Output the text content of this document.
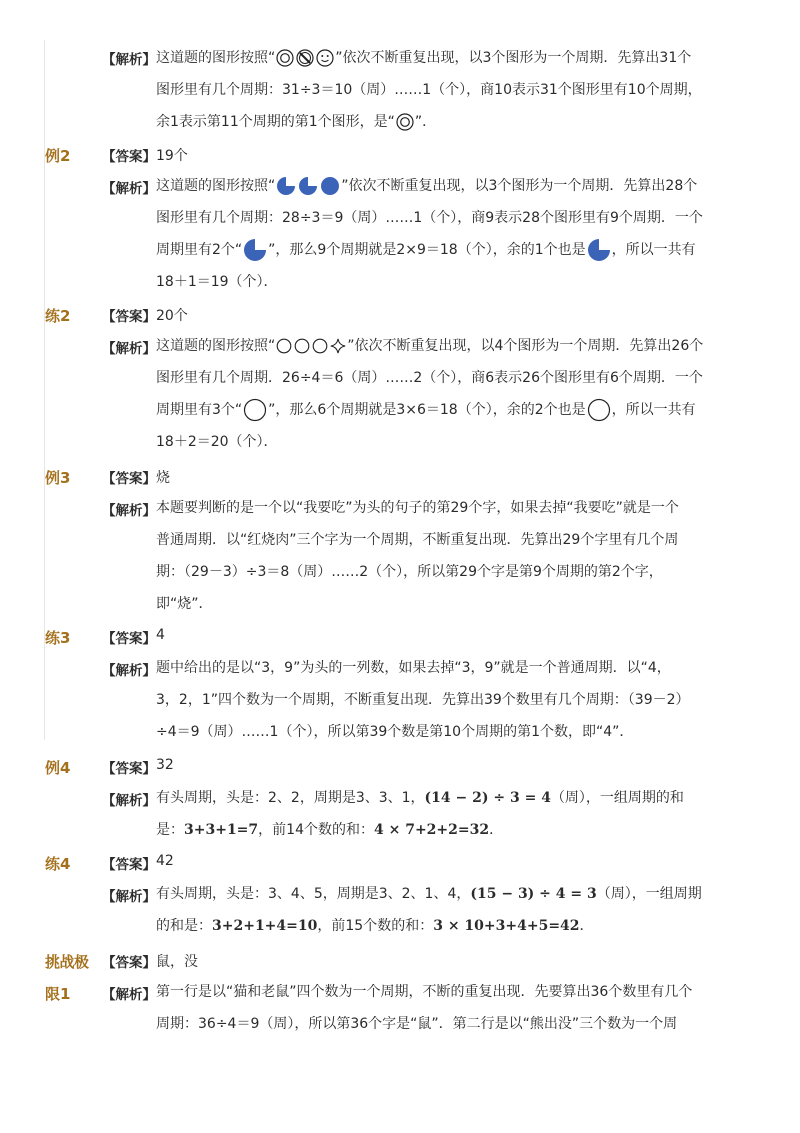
【解析】 这道题的图形按照“	”依次不断重复出现，以3个图形为一个周期．先算出31个
图形里有几个周期：31÷3＝10（周）……1（个），商10表示31个图形里有10个周期，
余1表示第11个周期的第1个图形，是“ ”．
例2 【答案】 19个
【解析】 这道题的图形按照“	”依次不断重复出现，以3个图形为一个周期．先算出28个
图形里有几个周期：28÷3＝9（周）……1（个），商9表示28个图形里有9个周期．一个
周期里有2个“ ”，那么9个周期就是2×9＝18（个），余的1个也是 ，所以一共有
18＋1＝19（个）．
练2 【答案】 20个
【解析】 这道题的图形按照“	”依次不断重复出现，以4个图形为一个周期．先算出26个
图形里有几个周期．26÷4＝6（周）……2（个），商6表示26个图形里有6个周期．一个
周期里有3个“ ”，那么6个周期就是3×6＝18（个），余的2个也是 ，所以一共有
18＋2＝20（个）．
例3 【答案】 烧
【解析】 本题要判断的是一个以“我要吃”为头的句子的第29个字，如果去掉“我要吃”就是一个
普通周期．以“红烧肉”三个字为一个周期，不断重复出现．先算出29个字里有几个周
期：（29－3）÷3＝8（周）……2（个），所以第29个字是第9个周期的第2个字，
即“烧”．
练3 【答案】 4
【解析】 题中给出的是以“3，9”为头的一列数，如果去掉“3，9”就是一个普通周期．以“4，
3，2，1”四个数为一个周期，不断重复出现．先算出39个数里有几个周期：（39－2）
÷4＝9（周）……1（个），所以第39个数是第10个周期的第1个数，即“4”．
例4 【答案】 32
【解析】 有头周期，头是：2、2，周期是3、3、1，(14 − 2) ÷ 3 = 4（周），一组周期的和
是：3+3+1=7，前14个数的和：4 × 7+2+2=32．
练4 【答案】 42
【解析】 有头周期，头是：3、4、5，周期是3、2、1、4，(15 − 3) ÷ 4 = 3（周），一组周期
的和是：3+2+1+4=10，前15个数的和：3 × 10+3+4+5=42．
挑战极 【答案】 鼠，没
限1 【解析】 第一行是以“猫和老鼠”四个数为一个周期，不断的重复出现．先要算出36个数里有几个
周期：36÷4＝9（周），所以第36个字是“鼠”．第二行是以“熊出没”三个数为一个周
